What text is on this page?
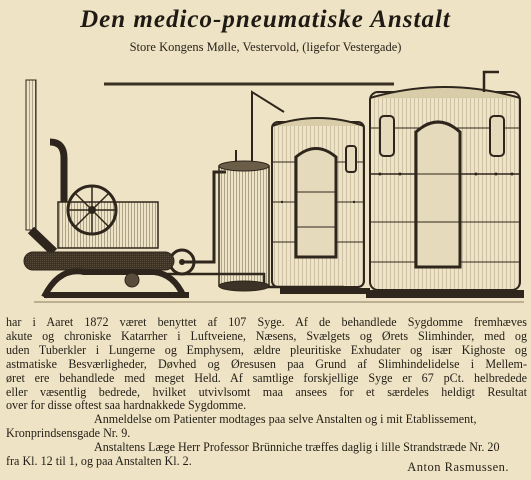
Den medico-pneumatiske Anstalt
Store Kongens Mølle, Vestervold, (ligefor Vestergade)
har i Aaret 1872 været benyttet af 107 Syge. Af de behandlede Sygdomme fremhæves
akute og chroniske Katarrher i Luftveiene, Næsens, Svælgets og Ørets Slimhinder, med og
uden Tuberkler i Lungerne og Emphysem, ældre pleuritiske Exhudater og især Kighoste og
astmatiske Besværligheder, Døvhed og Øresusen paa Grund af Slimhindelidelse i Mellem-
øret ere behandlede med meget Held. Af samtlige forskjellige Syge er 67 pCt. helbredede
eller væsentlig bedrede, hvilket utvivlsomt maa ansees for et særdeles heldigt Resultat
over for disse oftest saa hardnakkede Sygdomme.
Anmeldelse om Patienter modtages paa selve Anstalten og i mit Etablissement,
Kronprindsensgade Nr. 9.
Anstaltens Læge Herr Professor Brünniche træffes daglig i lille Strandstræde Nr. 20
fra Kl. 12 til 1, og paa Anstalten Kl. 2.	Anton Rasmussen.
